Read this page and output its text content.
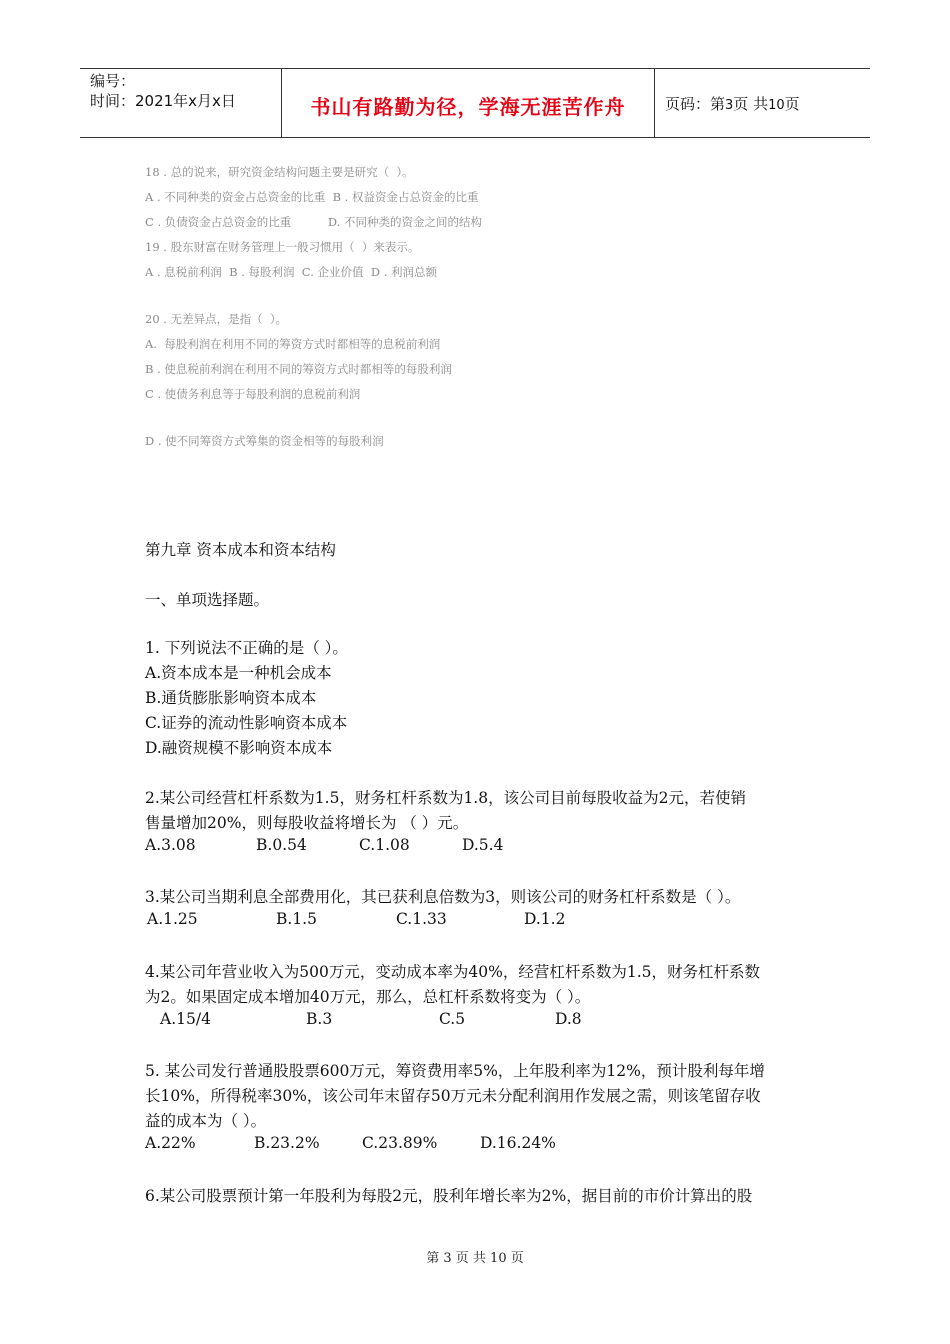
编号：
时间：2021年x月x日	书山有路勤为径，学海无涯苦作舟	页码：第3页 共10页
18 . 总的说来，研究资金结构问题主要是研究（  ）。
A . 不同种类的资金占总资金的比重  B . 权益资金占总资金的比重
C . 负债资金占总资金的比重          D. 不同种类的资金之间的结构
19 . 股东财富在财务管理上一般习惯用（  ）来表示。
A . 息税前利润  B . 每股利润  C. 企业价值  D . 利润总额
20 . 无差异点，是指（  ）。
A.  每股利润在利用不同的筹资方式时都相等的息税前利润
B . 使息税前利润在利用不同的筹资方式时都相等的每股利润
C . 使债务利息等于每股利润的息税前利润
D . 使不同筹资方式筹集的资金相等的每股利润
第九章 资本成本和资本结构
一、单项选择题。
1. 下列说法不正确的是（ ）。
A.资本成本是一种机会成本
B.通货膨胀影响资本成本
C.证券的流动性影响资本成本
D.融资规模不影响资本成本
2.某公司经营杠杆系数为1.5，财务杠杆系数为1.8，该公司目前每股收益为2元，若使销
售量增加20%，则每股收益将增长为 （ ）元。
A.3.08	B.0.54	C.1.08	D.5.4
3.某公司当期利息全部费用化，其已获利息倍数为3，则该公司的财务杠杆系数是（ ）。
A.1.25	B.1.5	C.1.33	D.1.2
4.某公司年营业收入为500万元，变动成本率为40%，经营杠杆系数为1.5，财务杠杆系数
为2。如果固定成本增加40万元，那么，总杠杆系数将变为（ ）。
A.15/4	B.3	C.5	D.8
5. 某公司发行普通股股票600万元，筹资费用率5%，上年股利率为12%，预计股利每年增
长10%，所得税率30%，该公司年末留存50万元未分配利润用作发展之需，则该笔留存收
益的成本为（ ）。
A.22%	B.23.2%	C.23.89%	D.16.24%
6.某公司股票预计第一年股利为每股2元，股利年增长率为2%，据目前的市价计算出的股
第 3 页 共 10 页
